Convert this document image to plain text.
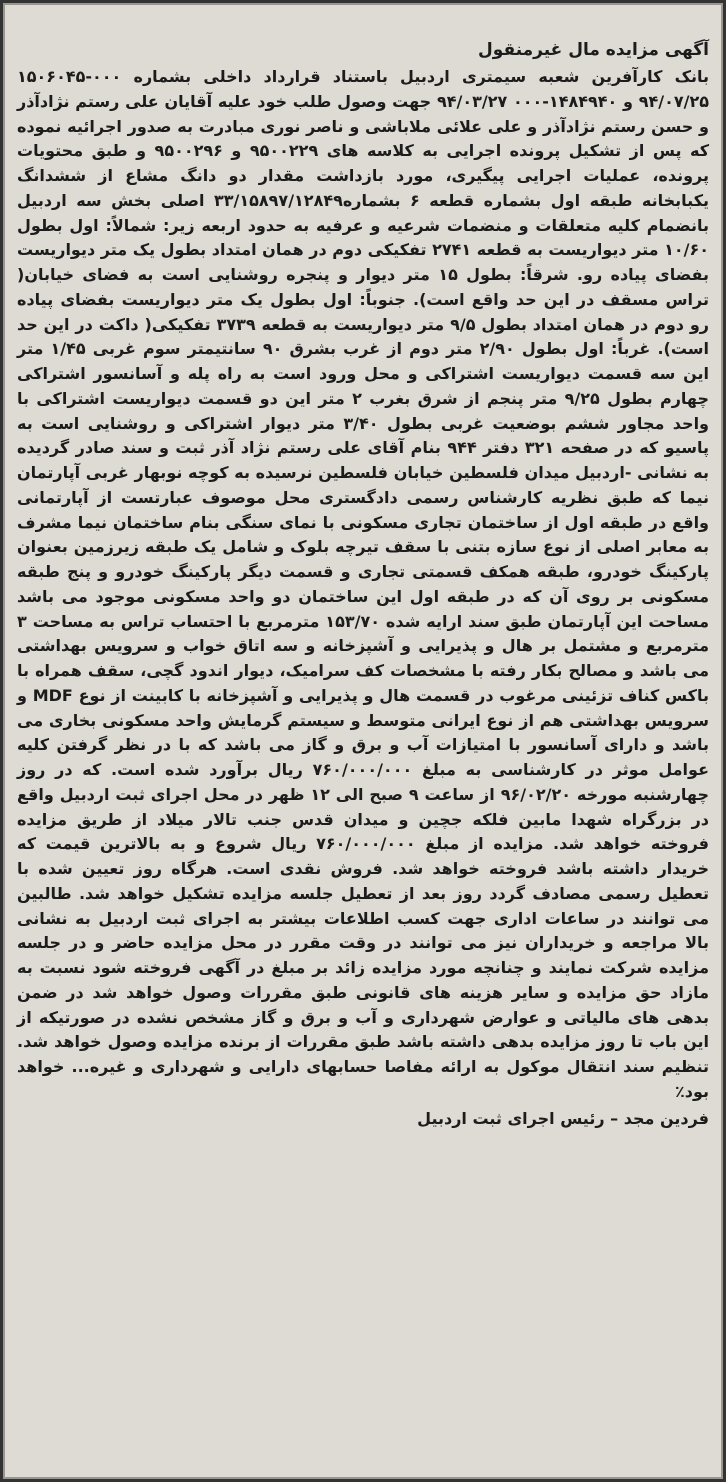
آگهی مزایده مال غیرمنقول

بانک کارآفرین شعبه سیمتری اردبیل باستناد قرارداد داخلی بشماره ۰۰۰-۱۵۰۶۰۴۵ ۹۴/۰۷/۲۵ و ۱۴۸۴۹۴۰-۰۰۰ ۹۴/۰۳/۲۷ جهت وصول طلب خود علیه آقایان علی رستم نژادآذر و حسن رستم نژادآذر و علی علائی ملاباشی و ناصر نوری مبادرت به صدور اجرائیه نموده که پس از تشکیل پرونده اجرایی به کلاسه های ۹۵۰۰۲۲۹ و ۹۵۰۰۲۹۶ و طبق محتویات پرونده، عملیات اجرایی پیگیری، مورد بازداشت مقدار دو دانگ مشاع از ششدانگ یکبابخانه طبقه اول بشماره قطعه ۶ بشماره۳۳/۱۵۸۹۷/۱۲۸۴۹ اصلی بخش سه اردبیل بانضمام کلیه متعلقات و منضمات شرعیه و عرفیه به حدود اربعه زیر: شمالاً: اول بطول ۱۰/۶۰ متر دیواریست به قطعه ۲۷۴۱ تفکیکی دوم در همان امتداد بطول یک متر دیواریست بفضای پیاده رو. شرقاً: بطول ۱۵ متر دیوار و پنجره روشنایی است به فضای خیابان( تراس مسقف در این حد واقع است). جنوباً: اول بطول یک متر دیواریست بفضای پیاده رو دوم در همان امتداد بطول ۹/۵ متر دیواریست به قطعه ۳۷۳۹ تفکیکی( داکت در این حد است). غرباً: اول بطول ۲/۹۰ متر دوم از غرب بشرق ۹۰ سانتیمتر سوم غربی ۱/۴۵ متر این سه قسمت دیواریست اشتراکی و محل ورود است به راه پله و آسانسور اشتراکی چهارم بطول ۹/۲۵ متر پنجم از شرق بغرب ۲ متر این دو قسمت دیواریست اشتراکی با واحد مجاور ششم بوضعیت غربی بطول ۳/۴۰ متر دیوار اشتراکی و روشنایی است به پاسیو که در صفحه ۳۲۱ دفتر ۹۴۴ بنام آقای علی رستم نژاد آذر ثبت و سند صادر گردیده به نشانی -اردبیل میدان فلسطین خیابان فلسطین نرسیده به کوچه نوبهار غربی آپارتمان نیما که طبق نظریه کارشناس رسمی دادگستری محل موصوف عبارتست از آپارتمانی واقع در طبقه اول از ساختمان تجاری مسکونی با نمای سنگی بنام ساختمان نیما مشرف به معابر اصلی از نوع سازه بتنی با سقف تیرچه بلوک و شامل یک طبقه زیرزمین بعنوان پارکینگ خودرو، طبقه همکف قسمتی تجاری و قسمت دیگر پارکینگ خودرو و پنج طبقه مسکونی بر روی آن که در طبقه اول این ساختمان دو واحد مسکونی موجود می باشد مساحت این آپارتمان طبق سند ارایه شده ۱۵۳/۷۰ مترمربع با احتساب تراس به مساحت ۳ مترمربع و مشتمل بر هال و پذیرایی و آشپزخانه و سه اتاق خواب و سرویس بهداشتی می باشد و مصالح بکار رفته با مشخصات کف سرامیک، دیوار اندود گچی، سقف همراه با باکس کناف تزئینی مرغوب در قسمت هال و پذیرایی و آشپزخانه با کابینت از نوع MDF و سرویس بهداشتی هم از نوع ایرانی متوسط و سیستم گرمایش واحد مسکونی بخاری می باشد و دارای آسانسور با امتیازات آب و برق و گاز می باشد که با در نظر گرفتن کلیه عوامل موثر در کارشناسی به مبلغ ۷۶۰/۰۰۰/۰۰۰ ریال برآورد شده است. که در روز چهارشنبه مورخه ۹۶/۰۲/۲۰ از ساعت ۹ صبح الی ۱۲ ظهر در محل اجرای ثبت اردبیل واقع در بزرگراه شهدا مابین فلکه جچین و میدان قدس جنب تالار میلاد از طریق مزایده فروخته خواهد شد. مزایده از مبلغ ۷۶۰/۰۰۰/۰۰۰ ریال شروع و به بالاترین قیمت که خریدار داشته باشد فروخته خواهد شد. فروش نقدی است. هرگاه روز تعیین شده با تعطیل رسمی مصادف گردد روز بعد از تعطیل جلسه مزایده تشکیل خواهد شد. طالبین می توانند در ساعات اداری جهت کسب اطلاعات بیشتر به اجرای ثبت اردبیل به نشانی بالا مراجعه و خریداران نیز می توانند در وقت مقرر در محل مزایده حاضر و در جلسه مزایده شرکت نمایند و چنانچه مورد مزایده زائد بر مبلغ در آگهی فروخته شود نسبت به مازاد حق مزایده و سایر هزینه های قانونی طبق مقررات وصول خواهد شد در ضمن بدهی های مالیاتی و عوارض شهرداری و آب و برق و گاز مشخص نشده در صورتیکه از این باب تا روز مزایده بدهی داشته باشد طبق مقررات از برنده مزایده وصول خواهد شد. تنظیم سند انتقال موکول به ارائه مفاصا حسابهای دارایی و شهرداری و غیره... خواهد بود٪

فردین مجد – رئیس اجرای ثبت اردبیل
